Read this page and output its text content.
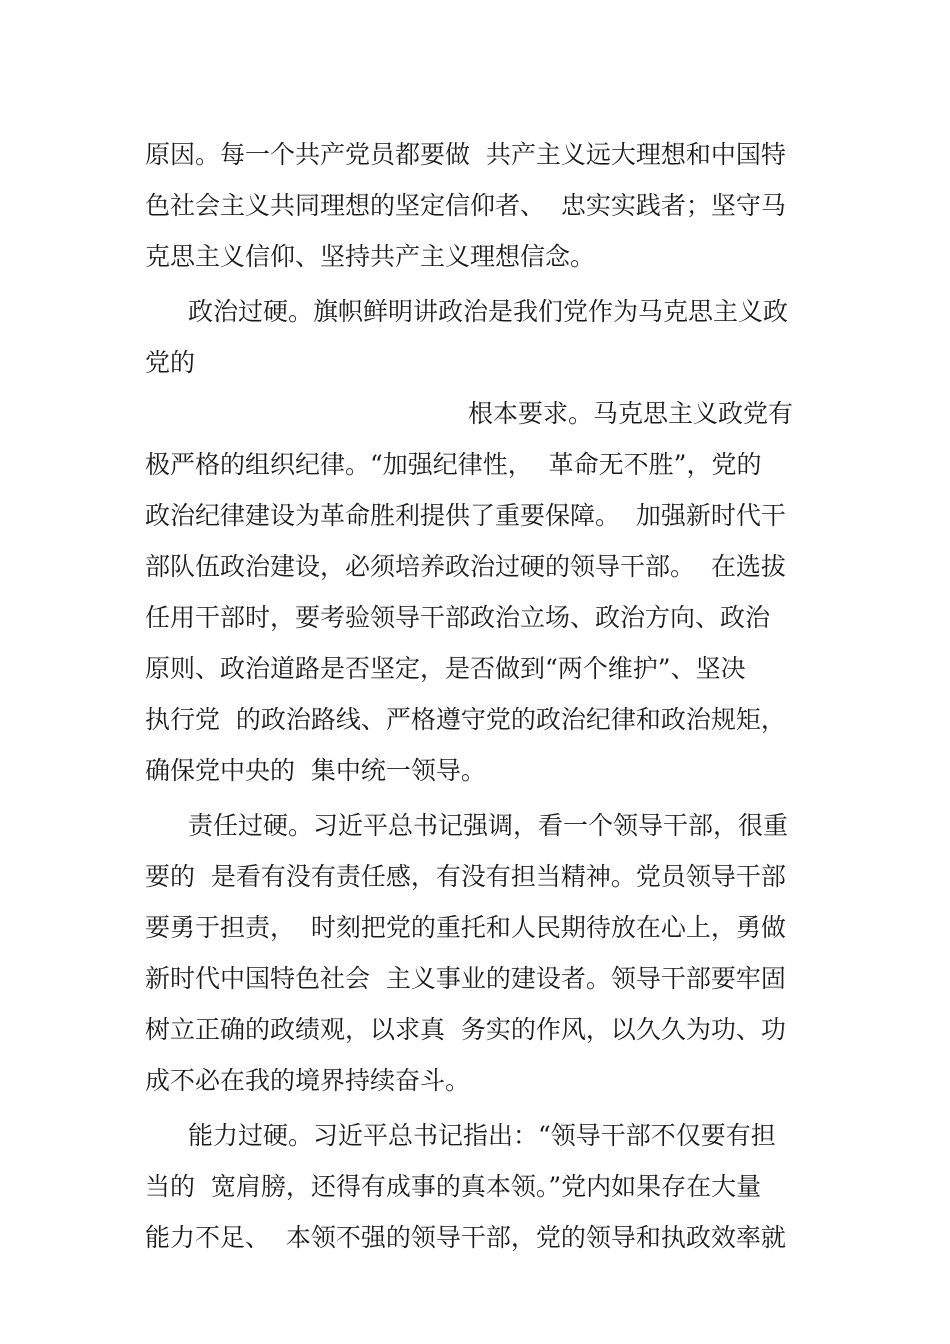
原因。每一个共产党员都要做  共产主义远大理想和中国特
色社会主义共同理想的坚定信仰者、  忠实实践者；坚守马
克思主义信仰、坚持共产主义理想信念。
政治过硬。旗帜鲜明讲政治是我们党作为马克思主义政
党的
根本要求。马克思主义政党有
极严格的组织纪律。“加强纪律性，  革命无不胜”，党的
政治纪律建设为革命胜利提供了重要保障。  加强新时代干
部队伍政治建设，必须培养政治过硬的领导干部。  在选拔
任用干部时，要考验领导干部政治立场、政治方向、政治
原则、政治道路是否坚定，是否做到“两个维护”、坚决
执行党  的政治路线、严格遵守党的政治纪律和政治规矩，
确保党中央的  集中统一领导。
责任过硬。习近平总书记强调，看一个领导干部，很重
要的  是看有没有责任感，有没有担当精神。党员领导干部
要勇于担责，  时刻把党的重托和人民期待放在心上，勇做
新时代中国特色社会  主义事业的建设者。领导干部要牢固
树立正确的政绩观，以求真  务实的作风，以久久为功、功
成不必在我的境界持续奋斗。
能力过硬。习近平总书记指出：“领导干部不仅要有担
当的  宽肩膀，还得有成事的真本领。”党内如果存在大量
能力不足、  本领不强的领导干部，党的领导和执政效率就
